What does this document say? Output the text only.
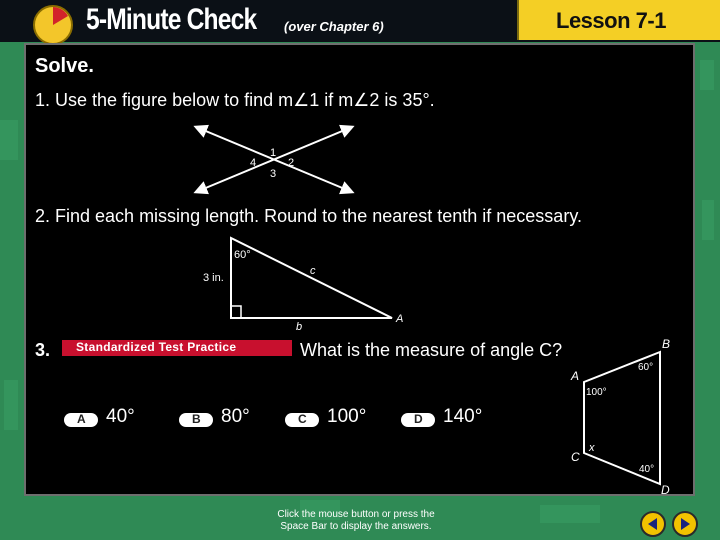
5-Minute Check (over Chapter 6)	Lesson 7-1
Solve.
1. Use the figure below to find m∠1 if m∠2 is 35°.
2. Find each missing length. Round to the nearest tenth if necessary.
3. Standardized Test Practice	What is the measure of angle C?
1
4	2
3
60°
3 in.
c
b
A
B
A
C
D
60°
100°
40°
x
A 40°	B 80°	C 100°	D 140°
Click the mouse button or press the
Space Bar to display the answers.
